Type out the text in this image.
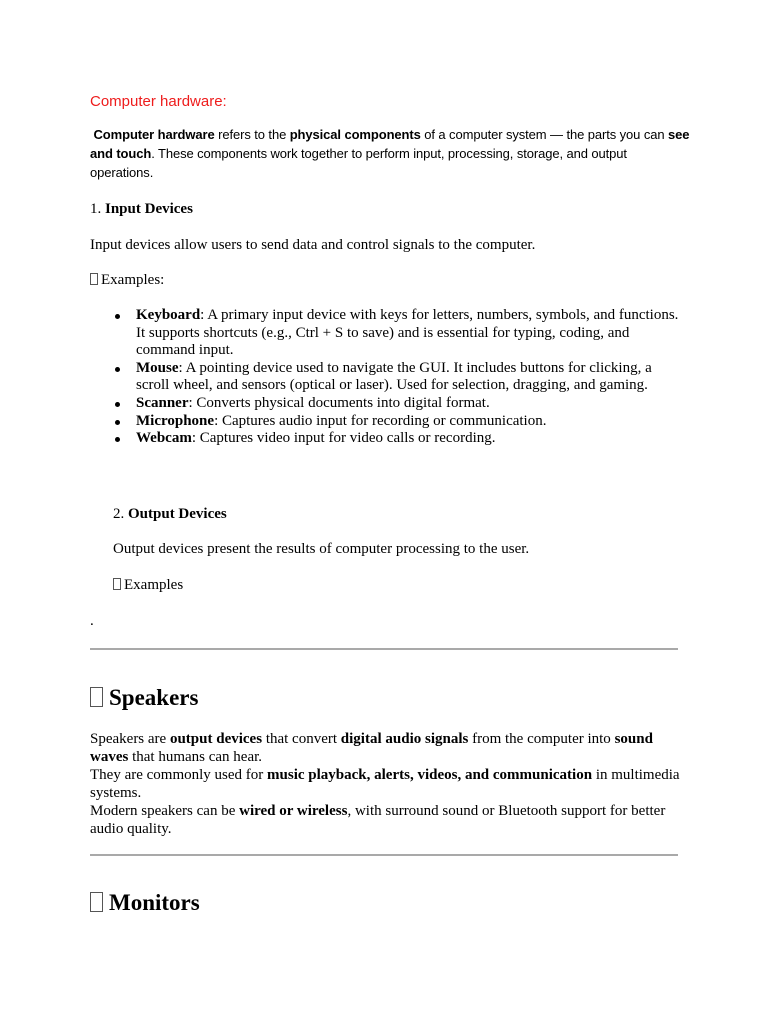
Computer hardware:
Computer hardware refers to the physical components of a computer system — the parts you can see and touch. These components work together to perform input, processing, storage, and output operations.
1. Input Devices
Input devices allow users to send data and control signals to the computer.
Examples:
Keyboard: A primary input device with keys for letters, numbers, symbols, and functions. It supports shortcuts (e.g., Ctrl + S to save) and is essential for typing, coding, and command input.
Mouse: A pointing device used to navigate the GUI. It includes buttons for clicking, a scroll wheel, and sensors (optical or laser). Used for selection, dragging, and gaming.
Scanner: Converts physical documents into digital format.
Microphone: Captures audio input for recording or communication.
Webcam: Captures video input for video calls or recording.
2. Output Devices
Output devices present the results of computer processing to the user.
Examples
.
Speakers
Speakers are output devices that convert digital audio signals from the computer into sound waves that humans can hear.
They are commonly used for music playback, alerts, videos, and communication in multimedia systems.
Modern speakers can be wired or wireless, with surround sound or Bluetooth support for better audio quality.
Monitors
